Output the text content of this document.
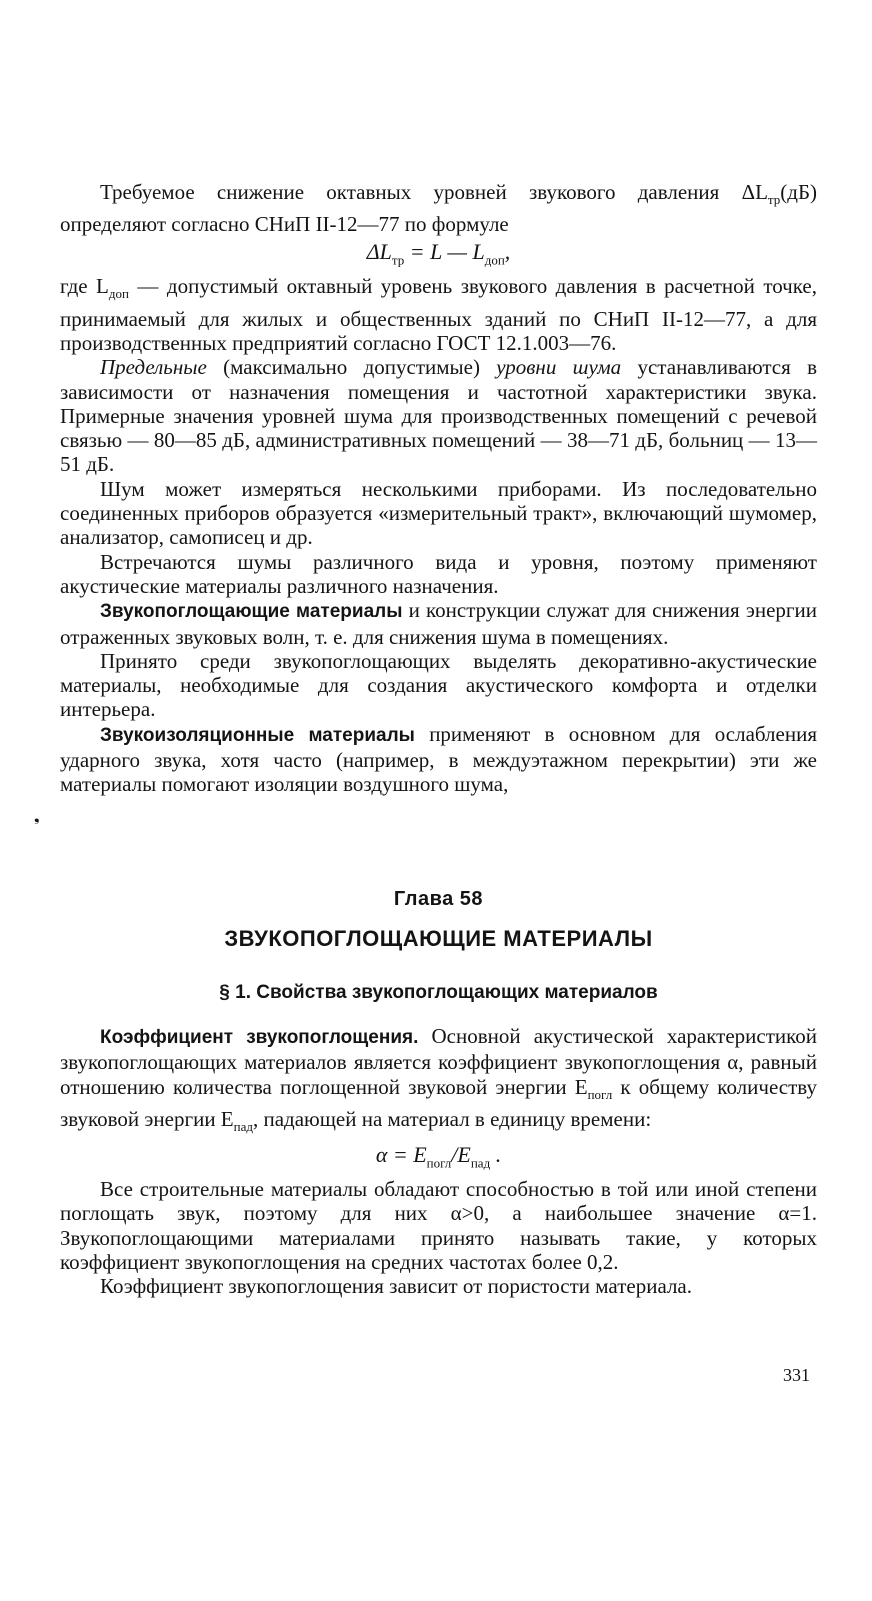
Требуемое снижение октавных уровней звукового давления $\Delta L_{тр}(дБ)$ определяют согласно СНиП II-12—77 по формуле

$\Delta L_{тр} = L$ — $L_{доп}$,

где $L_{доп}$ — допустимый октавный уровень звукового давления в расчетной точке, принимаемый для жилых и общественных зданий по СНиП II-12—77, а для производственных предприятий согласно ГОСТ 12.1.003—76.

Предельные (максимально допустимые) уровни шума устанавливаются в зависимости от назначения помещения и частотной характеристики звука. Примерные значения уровней шума для производственных помещений с речевой связью — 80—85 дБ, административных помещений — 38—71 дБ, больниц — 13—51 дБ.

Шум может измеряться несколькими приборами. Из последовательно соединенных приборов образуется «измерительный тракт», включающий шумомер, анализатор, самописец и др.

Встречаются шумы различного вида и уровня, поэтому применяют акустические материалы различного назначения.

Звукопоглощающие материалы и конструкции служат для снижения энергии отраженных звуковых волн, т. е. для снижения шума в помещениях.

Принято среди звукопоглощающих выделять декоративно-акустические материалы, необходимые для создания акустического комфорта и отделки интерьера.

Звукоизоляционные материалы применяют в основном для ослабления ударного звука, хотя часто (например, в междуэтажном перекрытии) эти же материалы помогают изоляции воздушного шума,

❟
Глава 58
ЗВУКОПОГЛОЩАЮЩИЕ МАТЕРИАЛЫ
§ 1. Свойства звукопоглощающих материалов

Коэффициент звукопоглощения. Основной акустической характеристикой звукопоглощающих материалов является коэффициент звукопоглощения α, равный отношению количества поглощенной звуковой энергии $E_{погл}$ к общему количеству звуковой энергии $E_{пад}$, падающей на материал в единицу времени:

$\alpha = E_{погл}/E_{пад}$ .

Все строительные материалы обладают способностью в той или иной степени поглощать звук, поэтому для них α>0, а наибольшее значение α=1. Звукопоглощающими материалами принято называть такие, у которых коэффициент звукопоглощения на средних частотах более 0,2.

Коэффициент звукопоглощения зависит от пористости материала.

331
